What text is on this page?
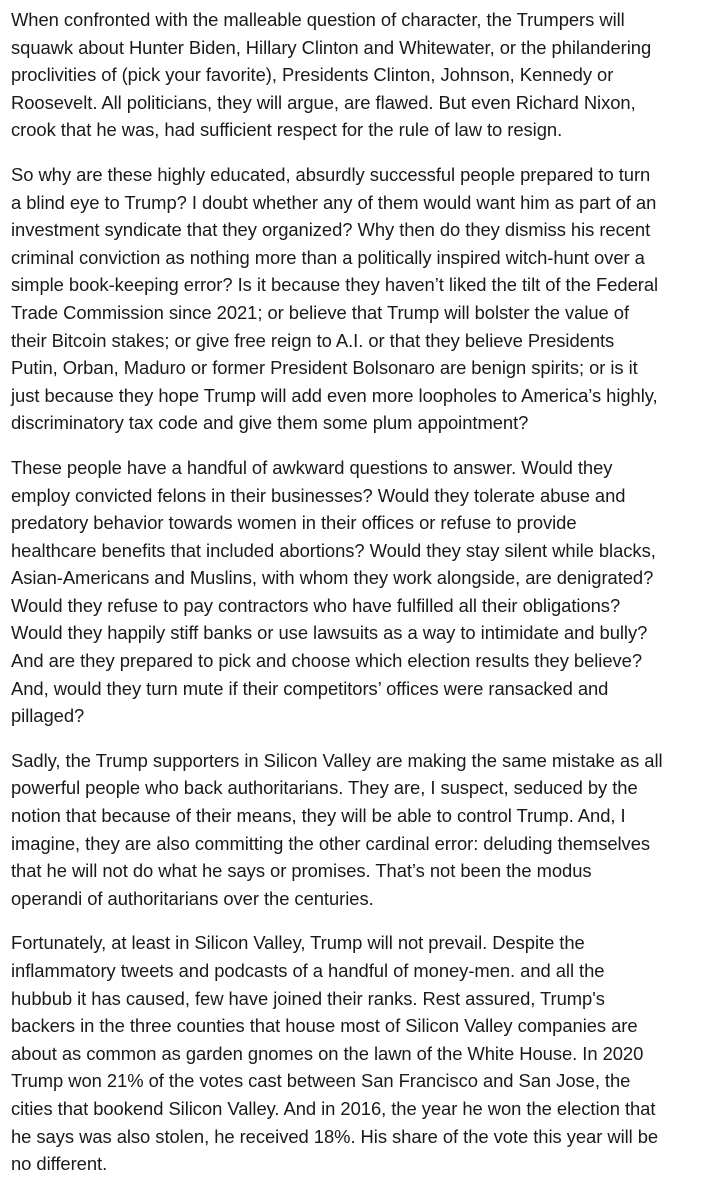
When confronted with the malleable question of character, the Trumpers will
squawk about Hunter Biden, Hillary Clinton and Whitewater, or the philandering
proclivities of (pick your favorite), Presidents Clinton, Johnson, Kennedy or
Roosevelt. All politicians, they will argue, are flawed. But even Richard Nixon,
crook that he was, had sufficient respect for the rule of law to resign.

So why are these highly educated, absurdly successful people prepared to turn
a blind eye to Trump? I doubt whether any of them would want him as part of an
investment syndicate that they organized? Why then do they dismiss his recent
criminal conviction as nothing more than a politically inspired witch-hunt over a
simple book-keeping error? Is it because they haven’t liked the tilt of the Federal
Trade Commission since 2021; or believe that Trump will bolster the value of
their Bitcoin stakes; or give free reign to A.I. or that they believe Presidents
Putin, Orban, Maduro or former President Bolsonaro are benign spirits; or is it
just because they hope Trump will add even more loopholes to America’s highly,
discriminatory tax code and give them some plum appointment?

These people have a handful of awkward questions to answer. Would they
employ convicted felons in their businesses? Would they tolerate abuse and
predatory behavior towards women in their offices or refuse to provide
healthcare benefits that included abortions? Would they stay silent while blacks,
Asian-Americans and Muslins, with whom they work alongside, are denigrated?
Would they refuse to pay contractors who have fulfilled all their obligations?
Would they happily stiff banks or use lawsuits as a way to intimidate and bully?
And are they prepared to pick and choose which election results they believe?
And, would they turn mute if their competitors’ offices were ransacked and
pillaged?

Sadly, the Trump supporters in Silicon Valley are making the same mistake as all
powerful people who back authoritarians. They are, I suspect, seduced by the
notion that because of their means, they will be able to control Trump. And, I
imagine, they are also committing the other cardinal error: deluding themselves
that he will not do what he says or promises. That’s not been the modus
operandi of authoritarians over the centuries.

Fortunately, at least in Silicon Valley, Trump will not prevail. Despite the
inflammatory tweets and podcasts of a handful of money-men. and all the
hubbub it has caused, few have joined their ranks. Rest assured, Trump's
backers in the three counties that house most of Silicon Valley companies are
about as common as garden gnomes on the lawn of the White House. In 2020
Trump won 21% of the votes cast between San Francisco and San Jose, the
cities that bookend Silicon Valley. And in 2016, the year he won the election that
he says was also stolen, he received 18%. His share of the vote this year will be
no different.
